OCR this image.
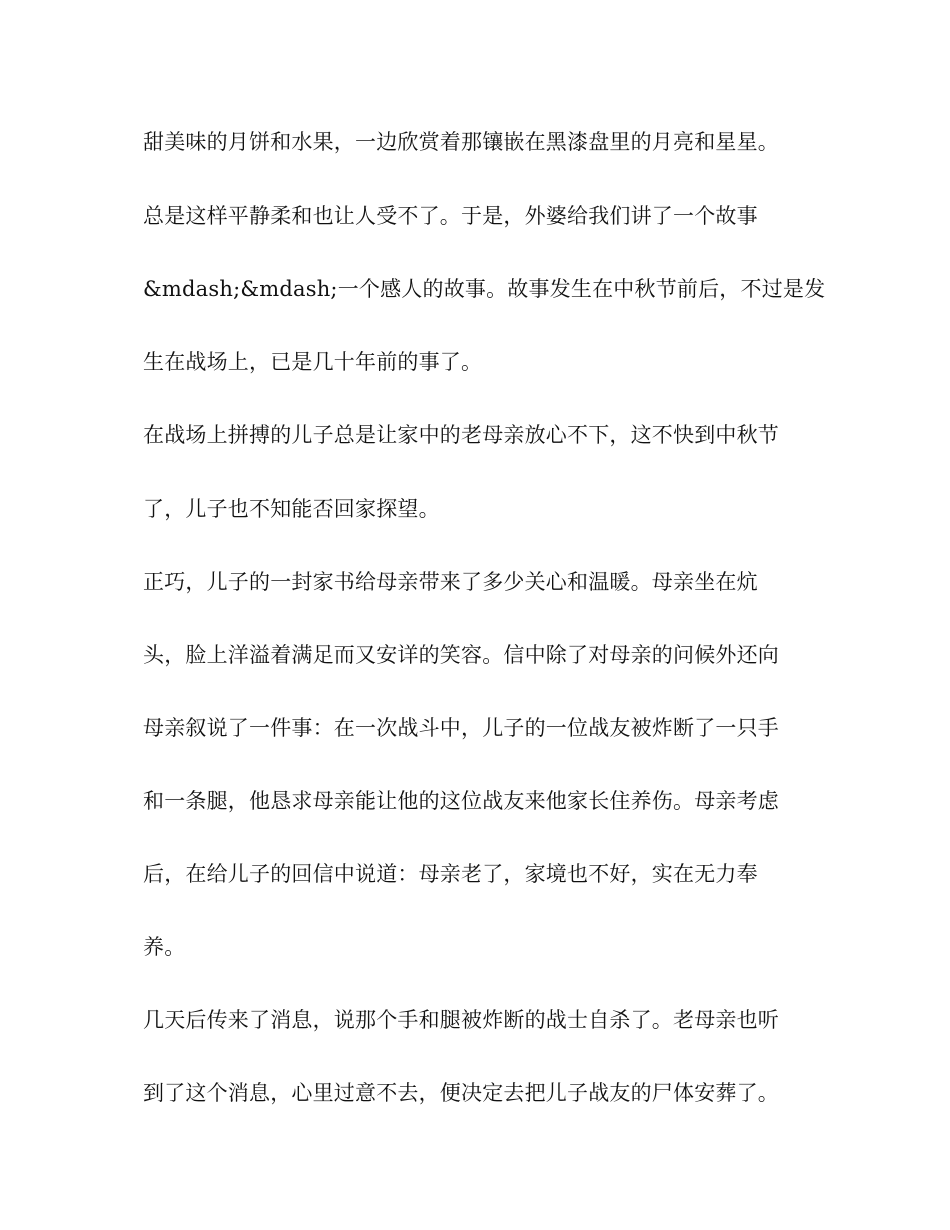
甜美味的月饼和水果，一边欣赏着那镶嵌在黑漆盘里的月亮和星星。
总是这样平静柔和也让人受不了。于是，外婆给我们讲了一个故事
&mdash;&mdash;一个感人的故事。故事发生在中秋节前后，不过是发
生在战场上，已是几十年前的事了。
在战场上拼搏的儿子总是让家中的老母亲放心不下，这不快到中秋节
了，儿子也不知能否回家探望。
正巧，儿子的一封家书给母亲带来了多少关心和温暖。母亲坐在炕
头，脸上洋溢着满足而又安详的笑容。信中除了对母亲的问候外还向
母亲叙说了一件事：在一次战斗中，儿子的一位战友被炸断了一只手
和一条腿，他恳求母亲能让他的这位战友来他家长住养伤。母亲考虑
后，在给儿子的回信中说道：母亲老了，家境也不好，实在无力奉
养。
几天后传来了消息，说那个手和腿被炸断的战士自杀了。老母亲也听
到了这个消息，心里过意不去，便决定去把儿子战友的尸体安葬了。
